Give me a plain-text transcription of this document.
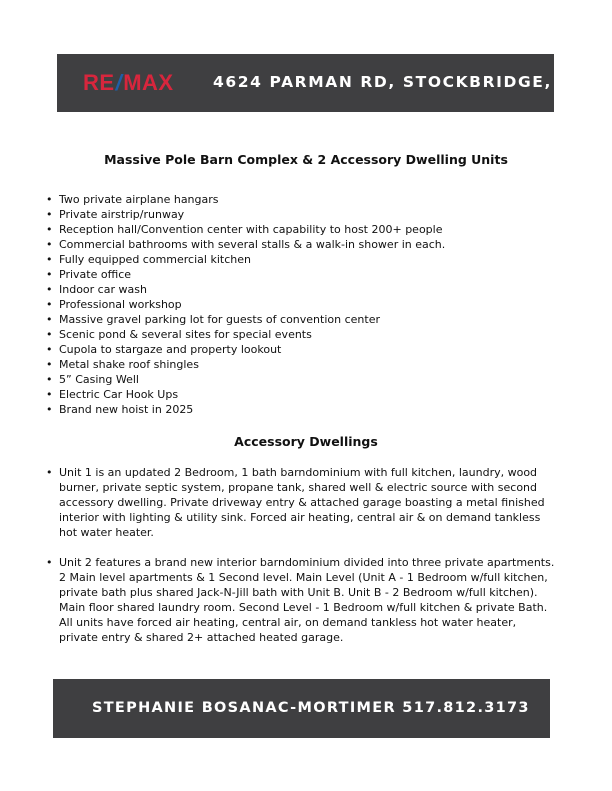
RE/MAX	4624 PARMAN RD, STOCKBRIDGE, MI
Massive Pole Barn Complex & 2 Accessory Dwelling Units
• Two private airplane hangars
• Private airstrip/runway
• Reception hall/Convention center with capability to host 200+ people
• Commercial bathrooms with several stalls & a walk-in shower in each.
• Fully equipped commercial kitchen
• Private office
• Indoor car wash
• Professional workshop
• Massive gravel parking lot for guests of convention center
• Scenic pond & several sites for special events
• Cupola to stargaze and property lookout
• Metal shake roof shingles
• 5” Casing Well
• Electric Car Hook Ups
• Brand new hoist in 2025
Accessory Dwellings
• Unit 1 is an updated 2 Bedroom, 1 bath barndominium with full kitchen, laundry, wood burner, private septic system, propane tank, shared well & electric source with second accessory dwelling. Private driveway entry & attached garage boasting a metal finished interior with lighting & utility sink. Forced air heating, central air & on demand tankless hot water heater.
• Unit 2 features a brand new interior barndominium divided into three private apartments. 2 Main level apartments & 1 Second level. Main Level (Unit A - 1 Bedroom w/full kitchen, private bath plus shared Jack-N-Jill bath with Unit B. Unit B - 2 Bedroom w/full kitchen). Main floor shared laundry room. Second Level - 1 Bedroom w/full kitchen & private Bath. All units have forced air heating, central air, on demand tankless hot water heater, private entry & shared 2+ attached heated garage.
STEPHANIE BOSANAC-MORTIMER 517.812.3173
